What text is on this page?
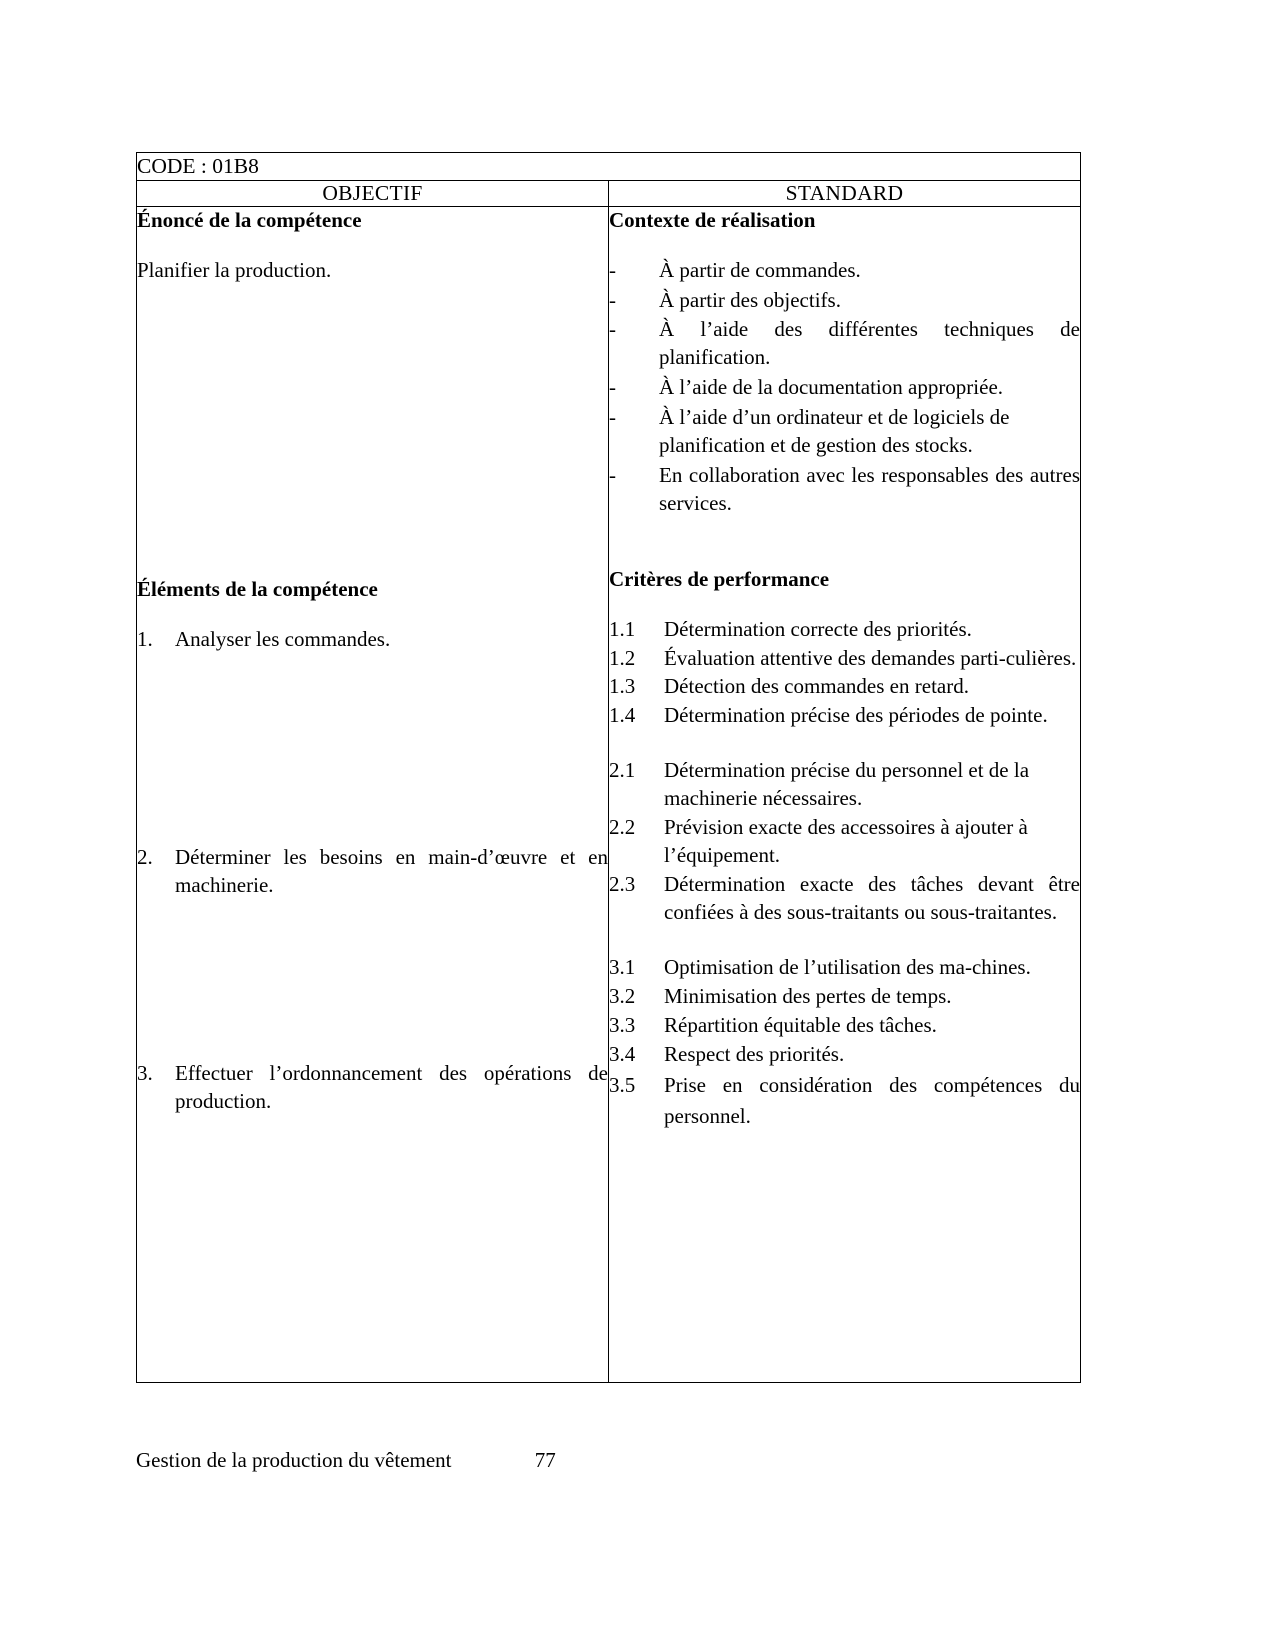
CODE : 01B8	
OBJECTIF	STANDARD

Énoncé de la compétence

Planifier la production.

Éléments de la compétence

1.	Analyser les commandes.
2.	Déterminer les besoins en main-d’œuvre et en machinerie.
3.	Effectuer l’ordonnancement des opérations de production.

Contexte de réalisation

-	À partir de commandes.
-	À partir des objectifs.
-	À l’aide des différentes techniques de planification.
-	À l’aide de la documentation appropriée.
-	À l’aide d’un ordinateur et de logiciels de planification et de gestion des stocks.
-	En collaboration avec les responsables des autres services.

Critères de performance

1.1	Détermination correcte des priorités.
1.2	Évaluation attentive des demandes parti-culières.
1.3	Détection des commandes en retard.
1.4	Détermination précise des périodes de pointe.
2.1	Détermination précise du personnel et de la machinerie nécessaires.
2.2	Prévision exacte des accessoires à ajouter à l’équipement.
2.3	Détermination exacte des tâches devant être confiées à des sous-traitants ou sous-traitantes.
3.1	Optimisation de l’utilisation des ma-chines.
3.2	Minimisation des pertes de temps.
3.3	Répartition équitable des tâches.
3.4	Respect des priorités.
3.5	Prise en considération des compétences du personnel.
Gestion de la production du vêtement	77
